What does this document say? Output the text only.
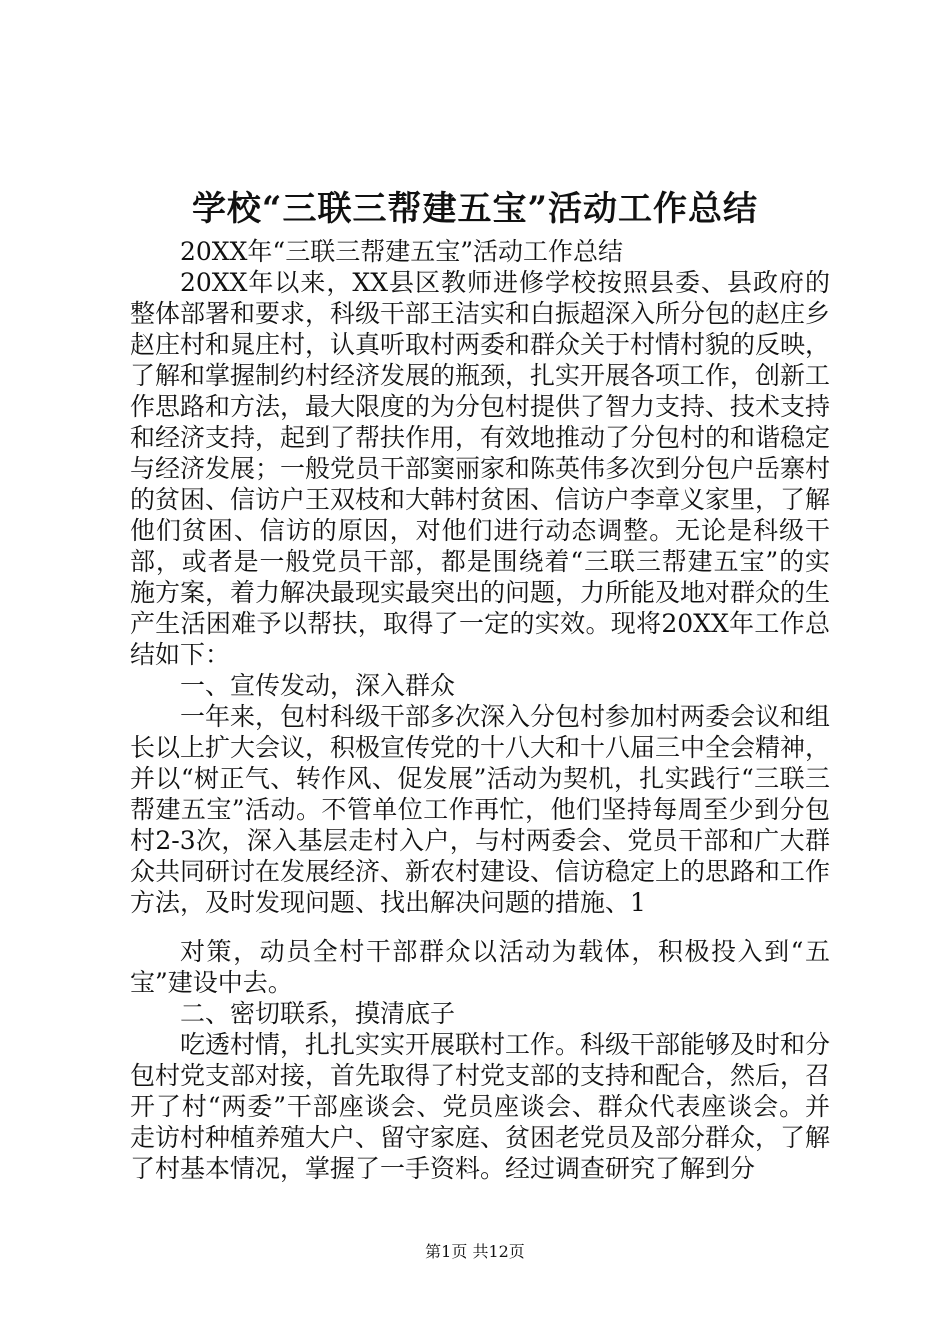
学校“三联三帮建五宝”活动工作总结

20XX年“三联三帮建五宝”活动工作总结

20XX年以来，XX县区教师进修学校按照县委、县政府的整体部署和要求，科级干部王洁实和白振超深入所分包的赵庄乡赵庄村和晁庄村，认真听取村两委和群众关于村情村貌的反映，了解和掌握制约村经济发展的瓶颈，扎实开展各项工作，创新工作思路和方法，最大限度的为分包村提供了智力支持、技术支持和经济支持，起到了帮扶作用，有效地推动了分包村的和谐稳定与经济发展；一般党员干部窦丽家和陈英伟多次到分包户岳寨村的贫困、信访户王双枝和大韩村贫困、信访户李章义家里，了解他们贫困、信访的原因，对他们进行动态调整。无论是科级干部，或者是一般党员干部，都是围绕着“三联三帮建五宝”的实施方案，着力解决最现实最突出的问题，力所能及地对群众的生产生活困难予以帮扶，取得了一定的实效。现将20XX年工作总结如下：

一、宣传发动，深入群众

一年来，包村科级干部多次深入分包村参加村两委会议和组长以上扩大会议，积极宣传党的十八大和十八届三中全会精神，并以“树正气、转作风、促发展”活动为契机，扎实践行“三联三帮建五宝”活动。不管单位工作再忙，他们坚持每周至少到分包村2-3次，深入基层走村入户，与村两委会、党员干部和广大群众共同研讨在发展经济、新农村建设、信访稳定上的思路和工作方法，及时发现问题、找出解决问题的措施、1

对策，动员全村干部群众以活动为载体，积极投入到“五宝”建设中去。

二、密切联系，摸清底子

吃透村情，扎扎实实开展联村工作。科级干部能够及时和分包村党支部对接，首先取得了村党支部的支持和配合，然后，召开了村“两委”干部座谈会、党员座谈会、群众代表座谈会。并走访村种植养殖大户、留守家庭、贫困老党员及部分群众，了解了村基本情况，掌握了一手资料。经过调查研究了解到分

第1页 共12页
